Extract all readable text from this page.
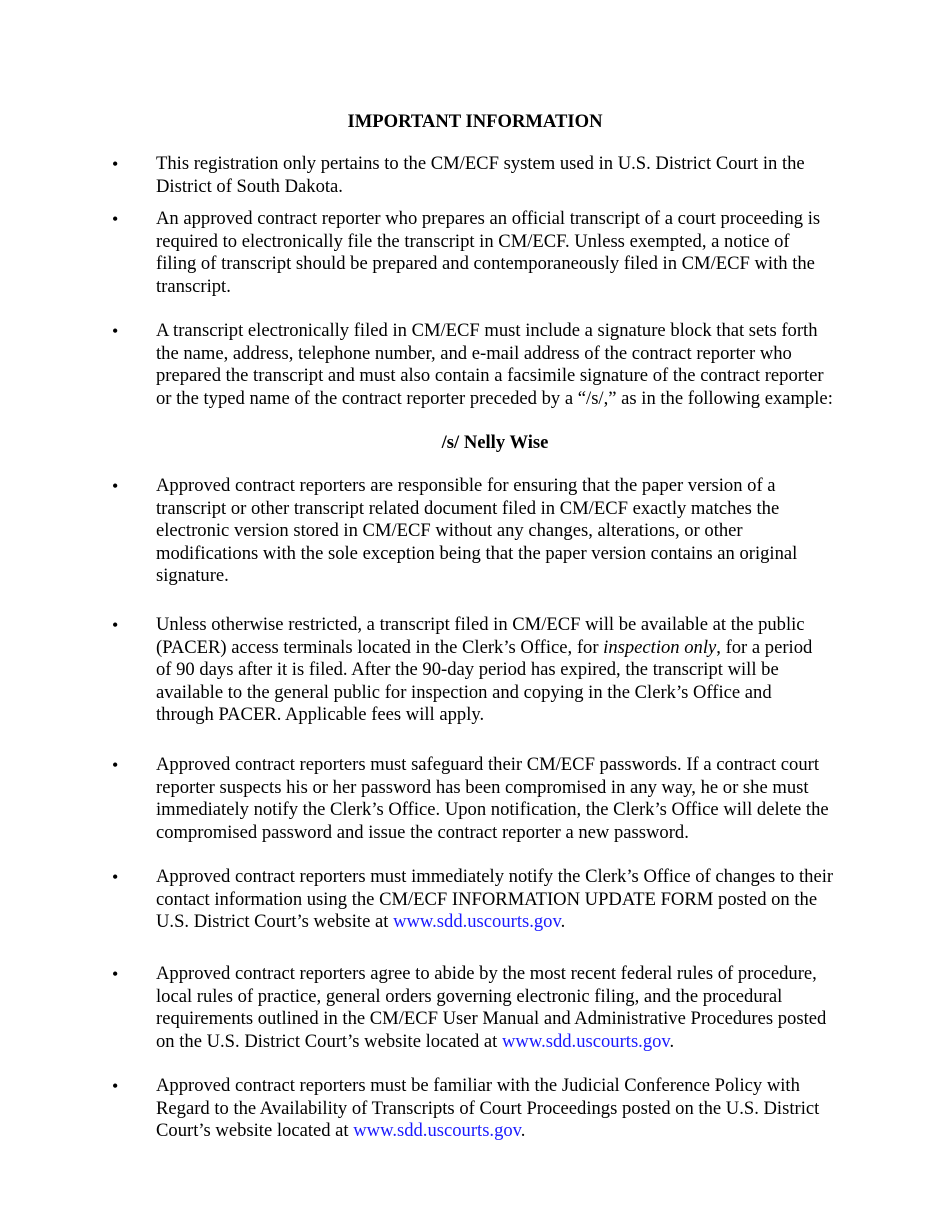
IMPORTANT INFORMATION
•	This registration only pertains to the CM/ECF system used in U.S. District Court in the
District of South Dakota.

•	An approved contract reporter who prepares an official transcript of a court proceeding is
required to electronically file the transcript in CM/ECF. Unless exempted, a notice of
filing of transcript should be prepared and contemporaneously filed in CM/ECF with the
transcript.

•	A transcript electronically filed in CM/ECF must include a signature block that sets forth
the name, address, telephone number, and e-mail address of the contract reporter who
prepared the transcript and must also contain a facsimile signature of the contract reporter
or the typed name of the contract reporter preceded by a “/s/,” as in the following example:

/s/ Nelly Wise

•	Approved contract reporters are responsible for ensuring that the paper version of a
transcript or other transcript related document filed in CM/ECF exactly matches the
electronic version stored in CM/ECF without any changes, alterations, or other
modifications with the sole exception being that the paper version contains an original
signature.

•	Unless otherwise restricted, a transcript filed in CM/ECF will be available at the public
(PACER) access terminals located in the Clerk’s Office, for inspection only, for a period
of 90 days after it is filed. After the 90-day period has expired, the transcript will be
available to the general public for inspection and copying in the Clerk’s Office and
through PACER. Applicable fees will apply.

•	Approved contract reporters must safeguard their CM/ECF passwords. If a contract court
reporter suspects his or her password has been compromised in any way, he or she must
immediately notify the Clerk’s Office. Upon notification, the Clerk’s Office will delete the
compromised password and issue the contract reporter a new password.

•	Approved contract reporters must immediately notify the Clerk’s Office of changes to their
contact information using the CM/ECF INFORMATION UPDATE FORM posted on the
U.S. District Court’s website at www.sdd.uscourts.gov.

•	Approved contract reporters agree to abide by the most recent federal rules of procedure,
local rules of practice, general orders governing electronic filing, and the procedural
requirements outlined in the CM/ECF User Manual and Administrative Procedures posted
on the U.S. District Court’s website located at www.sdd.uscourts.gov.

•	Approved contract reporters must be familiar with the Judicial Conference Policy with
Regard to the Availability of Transcripts of Court Proceedings posted on the U.S. District
Court’s website located at www.sdd.uscourts.gov.
